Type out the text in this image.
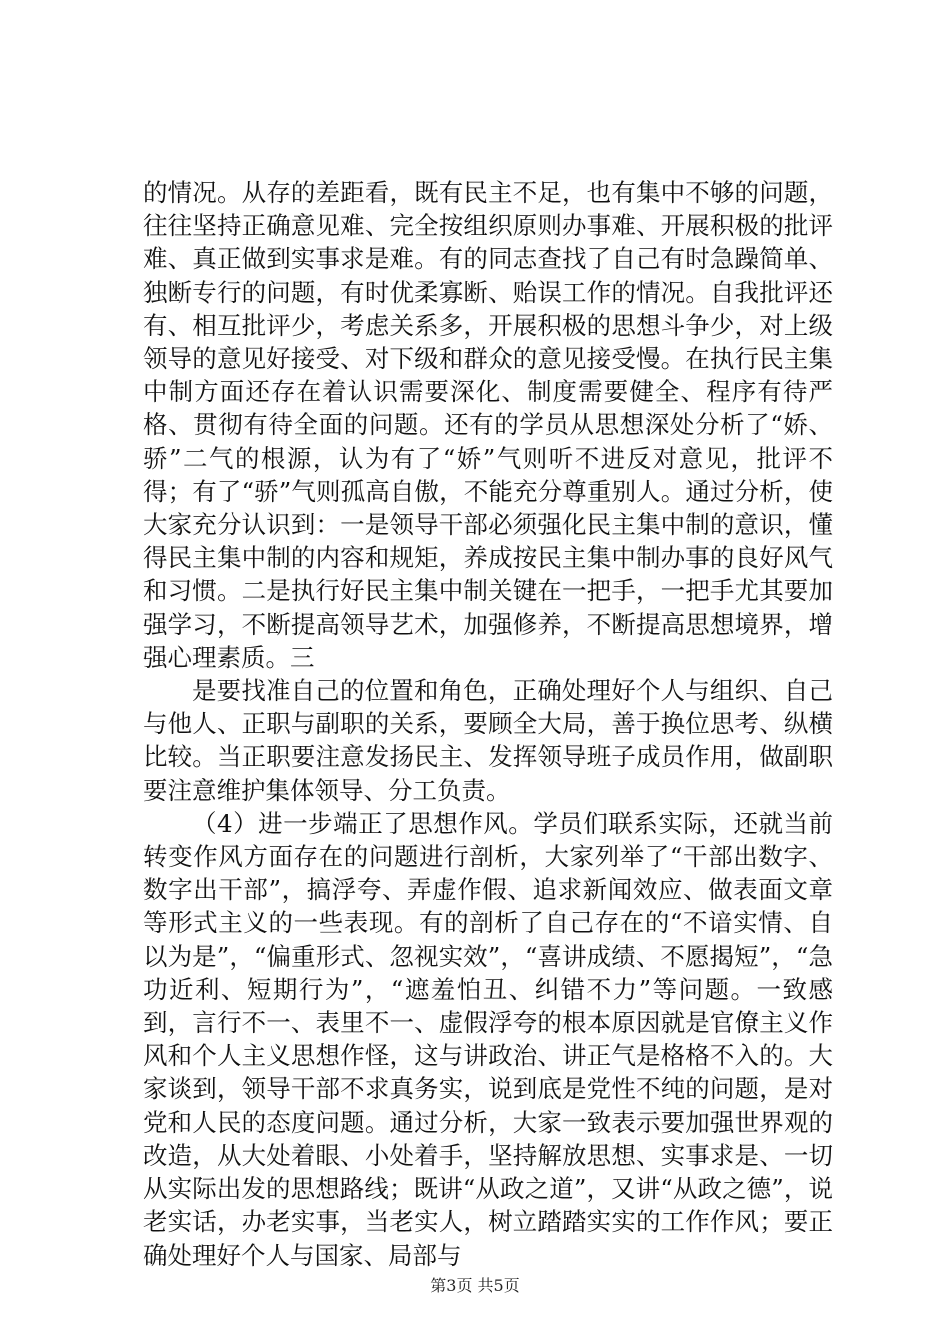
的情况。从存的差距看，既有民主不足，也有集中不够的问题，往往坚持正确意见难、完全按组织原则办事难、开展积极的批评难、真正做到实事求是难。有的同志查找了自己有时急躁简单、独断专行的问题，有时优柔寡断、贻误工作的情况。自我批评还有、相互批评少，考虑关系多，开展积极的思想斗争少，对上级领导的意见好接受、对下级和群众的意见接受慢。在执行民主集中制方面还存在着认识需要深化、制度需要健全、程序有待严格、贯彻有待全面的问题。还有的学员从思想深处分析了“娇、骄”二气的根源，认为有了“娇”气则听不进反对意见，批评不得；有了“骄”气则孤高自傲，不能充分尊重别人。通过分析，使大家充分认识到：一是领导干部必须强化民主集中制的意识，懂得民主集中制的内容和规矩，养成按民主集中制办事的良好风气和习惯。二是执行好民主集中制关键在一把手，一把手尤其要加强学习，不断提高领导艺术，加强修养，不断提高思想境界，增强心理素质。三

是要找准自己的位置和角色，正确处理好个人与组织、自己与他人、正职与副职的关系，要顾全大局，善于换位思考、纵横比较。当正职要注意发扬民主、发挥领导班子成员作用，做副职要注意维护集体领导、分工负责。

（4）进一步端正了思想作风。学员们联系实际，还就当前转变作风方面存在的问题进行剖析，大家列举了“干部出数字、数字出干部”，搞浮夸、弄虚作假、追求新闻效应、做表面文章等形式主义的一些表现。有的剖析了自己存在的“不谙实情、自以为是”，“偏重形式、忽视实效”，“喜讲成绩、不愿揭短”，“急功近利、短期行为”，“遮羞怕丑、纠错不力”等问题。一致感到，言行不一、表里不一、虚假浮夸的根本原因就是官僚主义作风和个人主义思想作怪，这与讲政治、讲正气是格格不入的。大家谈到，领导干部不求真务实，说到底是党性不纯的问题，是对党和人民的态度问题。通过分析，大家一致表示要加强世界观的改造，从大处着眼、小处着手，坚持解放思想、实事求是、一切从实际出发的思想路线；既讲“从政之道”，又讲“从政之德”，说老实话，办老实事，当老实人，树立踏踏实实的工作作风；要正确处理好个人与国家、局部与

第3页 共5页
